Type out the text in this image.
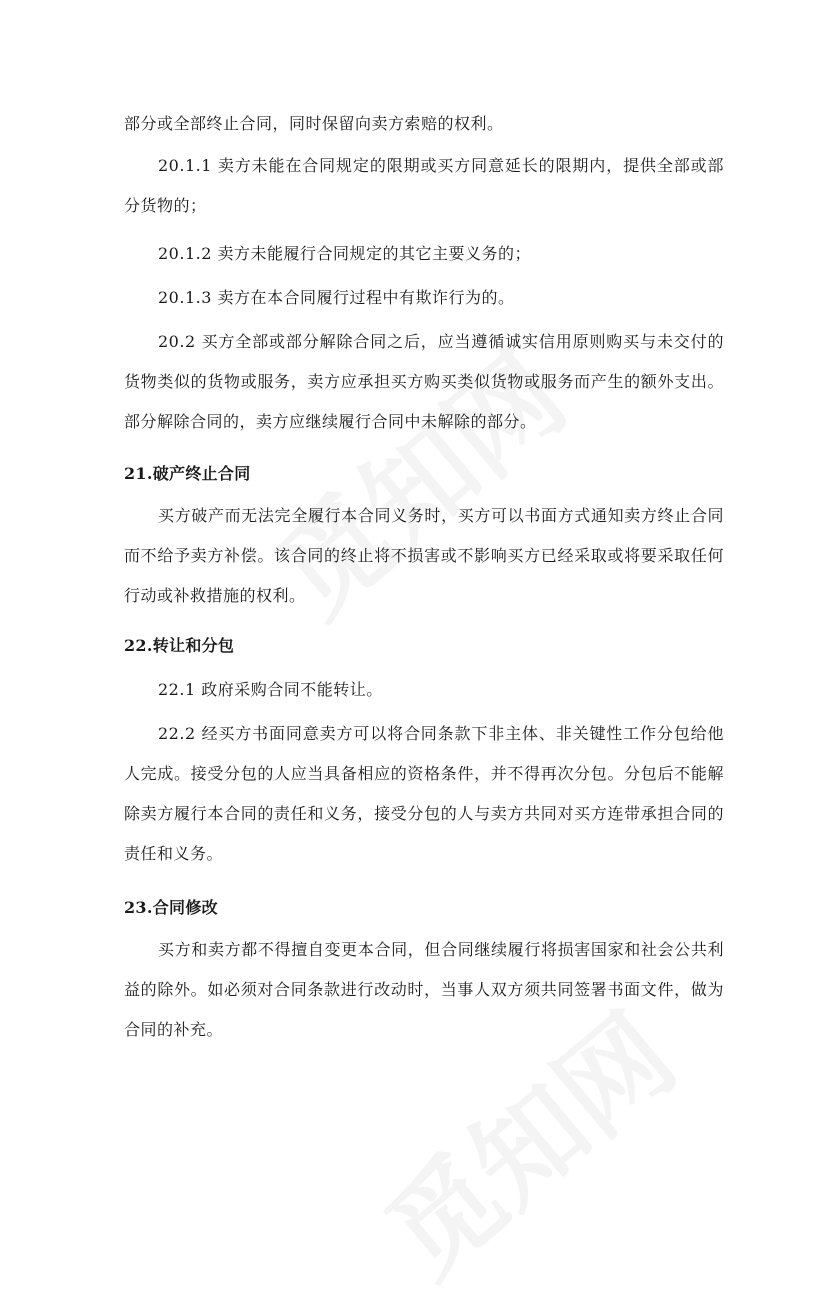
部分或全部终止合同，同时保留向卖方索赔的权利。

20.1.1 卖方未能在合同规定的限期或买方同意延长的限期内，提供全部或部分货物的；

20.1.2 卖方未能履行合同规定的其它主要义务的；

20.1.3 卖方在本合同履行过程中有欺诈行为的。

20.2 买方全部或部分解除合同之后，应当遵循诚实信用原则购买与未交付的货物类似的货物或服务，卖方应承担买方购买类似货物或服务而产生的额外支出。部分解除合同的，卖方应继续履行合同中未解除的部分。

21.破产终止合同

买方破产而无法完全履行本合同义务时，买方可以书面方式通知卖方终止合同而不给予卖方补偿。该合同的终止将不损害或不影响买方已经采取或将要采取任何行动或补救措施的权利。

22.转让和分包

22.1 政府采购合同不能转让。

22.2 经买方书面同意卖方可以将合同条款下非主体、非关键性工作分包给他人完成。接受分包的人应当具备相应的资格条件，并不得再次分包。分包后不能解除卖方履行本合同的责任和义务，接受分包的人与卖方共同对买方连带承担合同的责任和义务。

23.合同修改

买方和卖方都不得擅自变更本合同，但合同继续履行将损害国家和社会公共利益的除外。如必须对合同条款进行改动时，当事人双方须共同签署书面文件，做为合同的补充。
